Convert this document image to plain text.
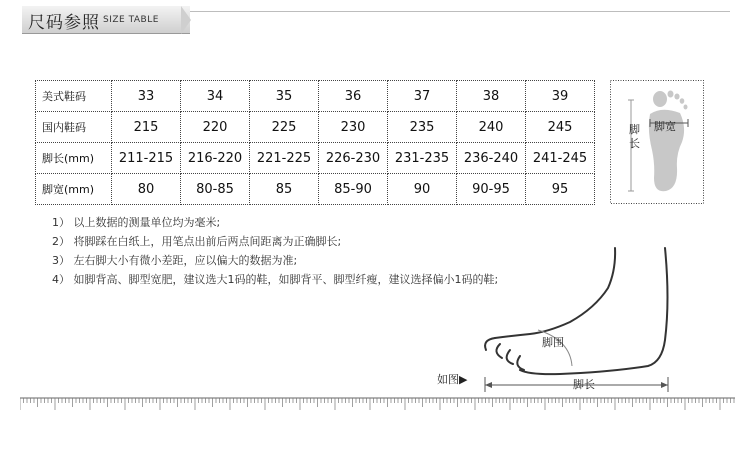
尺码参照 SIZE TABLE
美式鞋码	33	34	35	36	37	38	39
国内鞋码	215	220	225	230	235	240	245
脚长(mm)	211-215	216-220	221-225	226-230	231-235	236-240	241-245
脚宽(mm)	80	80-85	85	85-90	90	90-95	95
脚长
脚宽
1） 以上数据的测量单位均为毫米;
2） 将脚踩在白纸上，用笔点出前后两点间距离为正确脚长;
3） 左右脚大小有微小差距，应以偏大的数据为准;
4） 如脚背高、脚型宽肥，建议选大1码的鞋，如脚背平、脚型纤瘦，建议选择偏小1码的鞋;
如图▶
脚围
脚长
